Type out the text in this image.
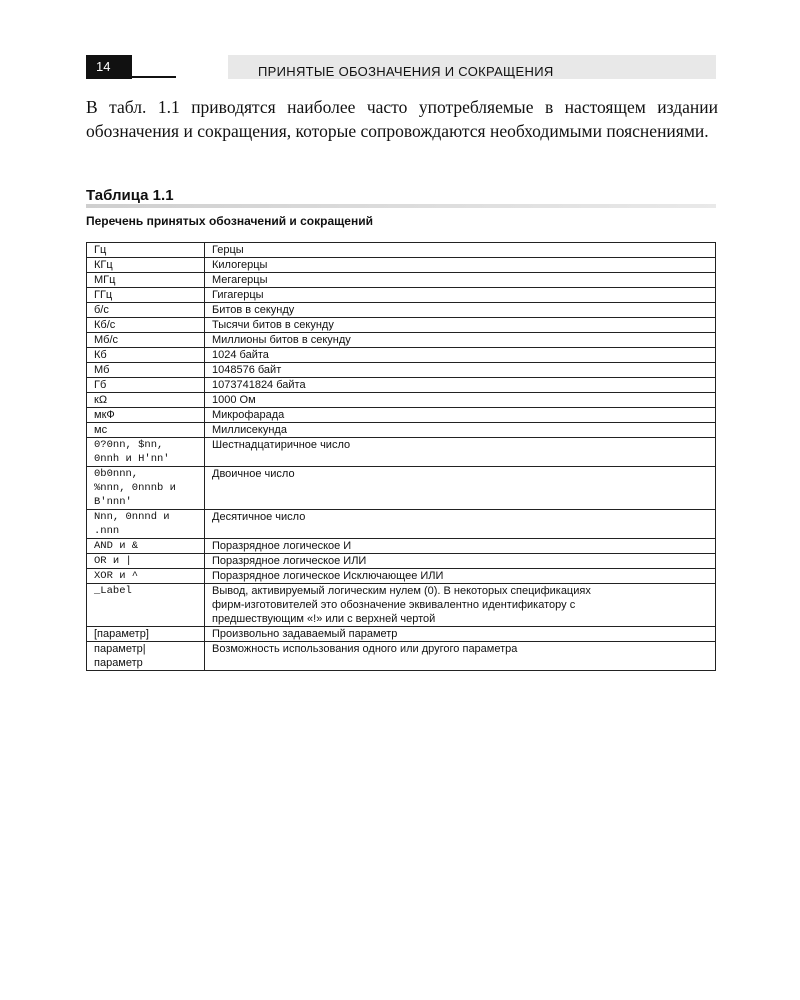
14	ПРИНЯТЫЕ ОБОЗНАЧЕНИЯ И СОКРАЩЕНИЯ
В табл. 1.1 приводятся наиболее часто употребляемые в настоящем издании обозначения и сокращения, которые сопровождаются необходимыми пояснениями.
Таблица 1.1
Перечень принятых обозначений и сокращений
Гц	Герцы
КГц	Килогерцы
МГц	Мегагерцы
ГГц	Гигагерцы
б/с	Битов в секунду
Кб/с	Тысячи битов в секунду
Мб/с	Миллионы битов в секунду
Кб	1024 байта
Мб	1048576 байт
Гб	1073741824 байта
кΩ	1000 Ом
мкФ	Микрофарада
мс	Миллисекунда

0?0nn, $nn,
0nnh и H'nn'	Шестнадцатиричное число

0b0nnn,
%nnn, 0nnnb и
B'nnn'	Двоичное число

Nnn, 0nnnd и
.nnn	Десятичное число
AND и &	Поразрядное логическое И
OR и |	Поразрядное логическое ИЛИ
XOR и ^	Поразрядное логическое Исключающее ИЛИ
_Label	Вывод, активируемый логическим нулем (0). В некоторых спецификациях
фирм-изготовителей это обозначение эквивалентно идентификатору с
предшествующим «!» или с верхней чертой

[параметр]	Произвольно задаваемый параметр

параметр|
параметр	Возможность использования одного или другого параметра
